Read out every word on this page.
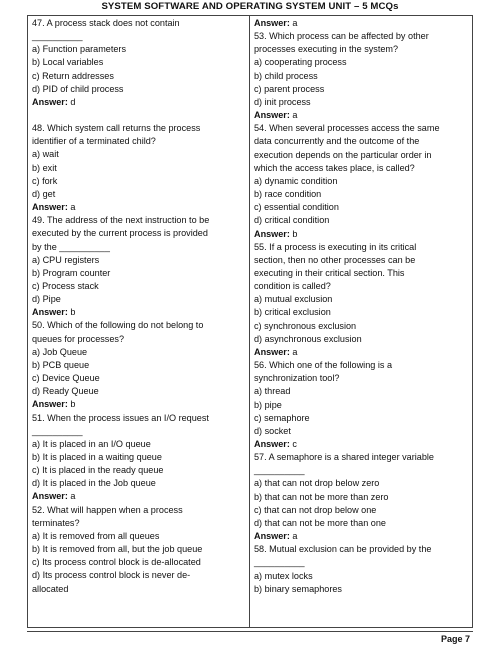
SYSTEM SOFTWARE AND OPERATING SYSTEM UNIT – 5 MCQs
47. A process stack does not contain
__________
a) Function parameters
b) Local variables
c) Return addresses
d) PID of child process
Answer: d
48. Which system call returns the process
identifier of a terminated child?
a) wait
b) exit
c) fork
d) get
Answer: a
49. The address of the next instruction to be
executed by the current process is provided
by the __________
a) CPU registers
b) Program counter
c) Process stack
d) Pipe
Answer: b
50. Which of the following do not belong to
queues for processes?
a) Job Queue
b) PCB queue
c) Device Queue
d) Ready Queue
Answer: b
51. When the process issues an I/O request
__________
a) It is placed in an I/O queue
b) It is placed in a waiting queue
c) It is placed in the ready queue
d) It is placed in the Job queue
Answer: a
52. What will happen when a process
terminates?
a) It is removed from all queues
b) It is removed from all, but the job queue
c) Its process control block is de-allocated
d) Its process control block is never de-
allocated
Answer: a
53. Which process can be affected by other
processes executing in the system?
a) cooperating process
b) child process
c) parent process
d) init process
Answer: a
54. When several processes access the same
data concurrently and the outcome of the
execution depends on the particular order in
which the access takes place, is called?
a) dynamic condition
b) race condition
c) essential condition
d) critical condition
Answer: b
55. If a process is executing in its critical
section, then no other processes can be
executing in their critical section. This
condition is called?
a) mutual exclusion
b) critical exclusion
c) synchronous exclusion
d) asynchronous exclusion
Answer: a
56. Which one of the following is a
synchronization tool?
a) thread
b) pipe
c) semaphore
d) socket
Answer: c
57. A semaphore is a shared integer variable
__________
a) that can not drop below zero
b) that can not be more than zero
c) that can not drop below one
d) that can not be more than one
Answer: a
58. Mutual exclusion can be provided by the
__________
a) mutex locks
b) binary semaphores
Page 7
